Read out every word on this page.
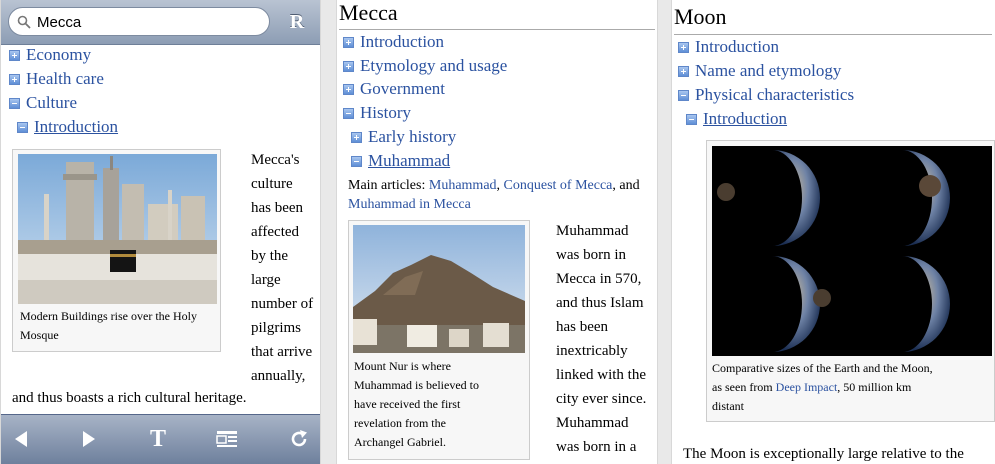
Mecca
R
Economy
Health care
Culture
Introduction
Modern Buildings rise over the Holy Mosque
Mecca's
culture
has been
affected
by the
large
number of
pilgrims
that arrive
annually,
and thus boasts a rich cultural heritage.
T
Mecca
Introduction
Etymology and usage
Government
History
Early history
Muhammad
Main articles: Muhammad, Conquest of Mecca, and Muhammad in Mecca
Mount Nur is where
Muhammad is believed to
have received the first
revelation from the
Archangel Gabriel.
Muhammad
was born in
Mecca in 570,
and thus Islam
has been
inextricably
linked with the
city ever since.
Muhammad
was born in a
Moon
Introduction
Name and etymology
Physical characteristics
Introduction
Comparative sizes of the Earth and the Moon,
as seen from Deep Impact, 50 million km
distant
The Moon is exceptionally large relative to the
